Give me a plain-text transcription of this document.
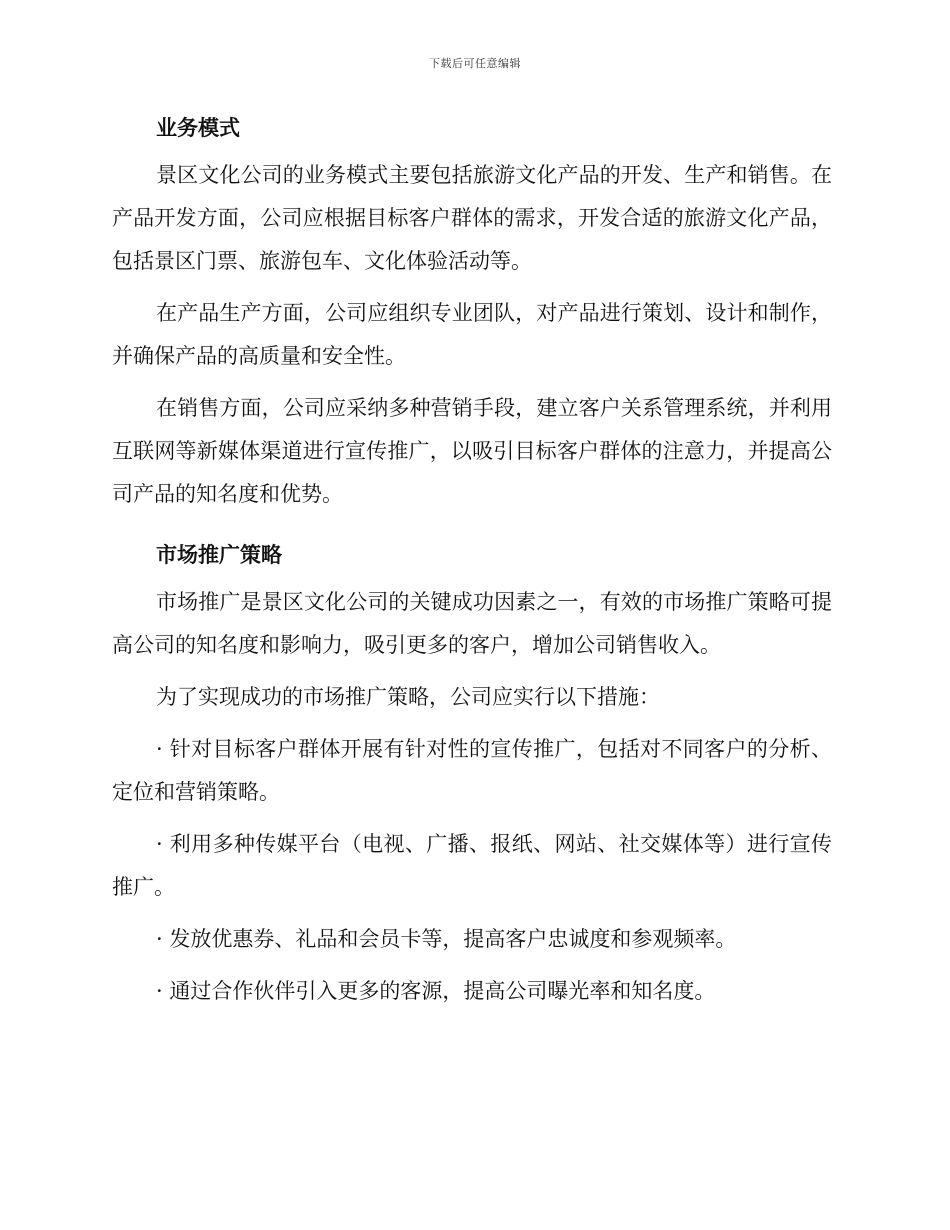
下载后可任意编辑
业务模式

景区文化公司的业务模式主要包括旅游文化产品的开发、生产和销售。在产品开发方面，公司应根据目标客户群体的需求，开发合适的旅游文化产品，包括景区门票、旅游包车、文化体验活动等。

在产品生产方面，公司应组织专业团队，对产品进行策划、设计和制作，并确保产品的高质量和安全性。

在销售方面，公司应采纳多种营销手段，建立客户关系管理系统，并利用互联网等新媒体渠道进行宣传推广，以吸引目标客户群体的注意力，并提高公司产品的知名度和优势。

市场推广策略

市场推广是景区文化公司的关键成功因素之一，有效的市场推广策略可提高公司的知名度和影响力，吸引更多的客户，增加公司销售收入。

为了实现成功的市场推广策略，公司应实行以下措施：

· 针对目标客户群体开展有针对性的宣传推广，包括对不同客户的分析、定位和营销策略。

· 利用多种传媒平台（电视、广播、报纸、网站、社交媒体等）进行宣传推广。

· 发放优惠券、礼品和会员卡等，提高客户忠诚度和参观频率。

· 通过合作伙伴引入更多的客源，提高公司曝光率和知名度。
